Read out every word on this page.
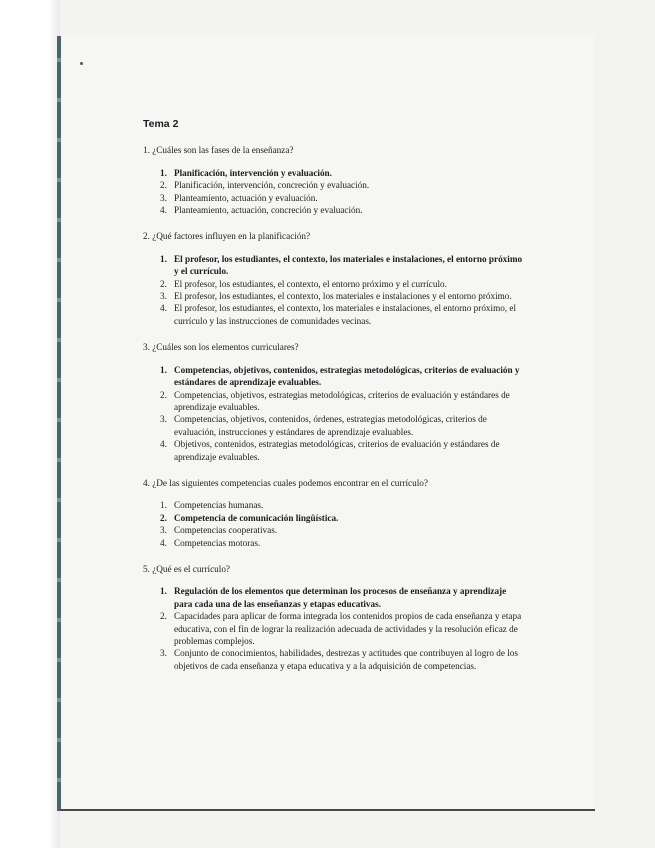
Tema 2

1. ¿Cuáles son las fases de la enseñanza?

1. Planificación, intervención y evaluación.
2. Planificación, intervención, concreción y evaluación.
3. Planteamiento, actuación y evaluación.
4. Planteamiento, actuación, concreción y evaluación.

2. ¿Qué factores influyen en la planificación?

1. El profesor, los estudiantes, el contexto, los materiales e instalaciones, el entorno próximo y el currículo.
2. El profesor, los estudiantes, el contexto, el entorno próximo y el currículo.
3. El profesor, los estudiantes, el contexto, los materiales e instalaciones y el entorno próximo.
4. El profesor, los estudiantes, el contexto, los materiales e instalaciones, el entorno próximo, el currículo y las instrucciones de comunidades vecinas.

3. ¿Cuáles son los elementos curriculares?

1. Competencias, objetivos, contenidos, estrategias metodológicas, criterios de evaluación y estándares de aprendizaje evaluables.
2. Competencias, objetivos, estrategias metodológicas, criterios de evaluación y estándares de aprendizaje evaluables.
3. Competencias, objetivos, contenidos, órdenes, estrategias metodológicas, criterios de evaluación, instrucciones y estándares de aprendizaje evaluables.
4. Objetivos, contenidos, estrategias metodológicas, criterios de evaluación y estándares de aprendizaje evaluables.

4. ¿De las siguientes competencias cuales podemos encontrar en el currículo?

1. Competencias humanas.
2. Competencia de comunicación lingüística.
3. Competencias cooperativas.
4. Competencias motoras.

5. ¿Qué es el currículo?

1. Regulación de los elementos que determinan los procesos de enseñanza y aprendizaje para cada una de las enseñanzas y etapas educativas.
2. Capacidades para aplicar de forma integrada los contenidos propios de cada enseñanza y etapa educativa, con el fin de lograr la realización adecuada de actividades y la resolución eficaz de problemas complejos.
3. Conjunto de conocimientos, habilidades, destrezas y actitudes que contribuyen al logro de los objetivos de cada enseñanza y etapa educativa y a la adquisición de competencias.
